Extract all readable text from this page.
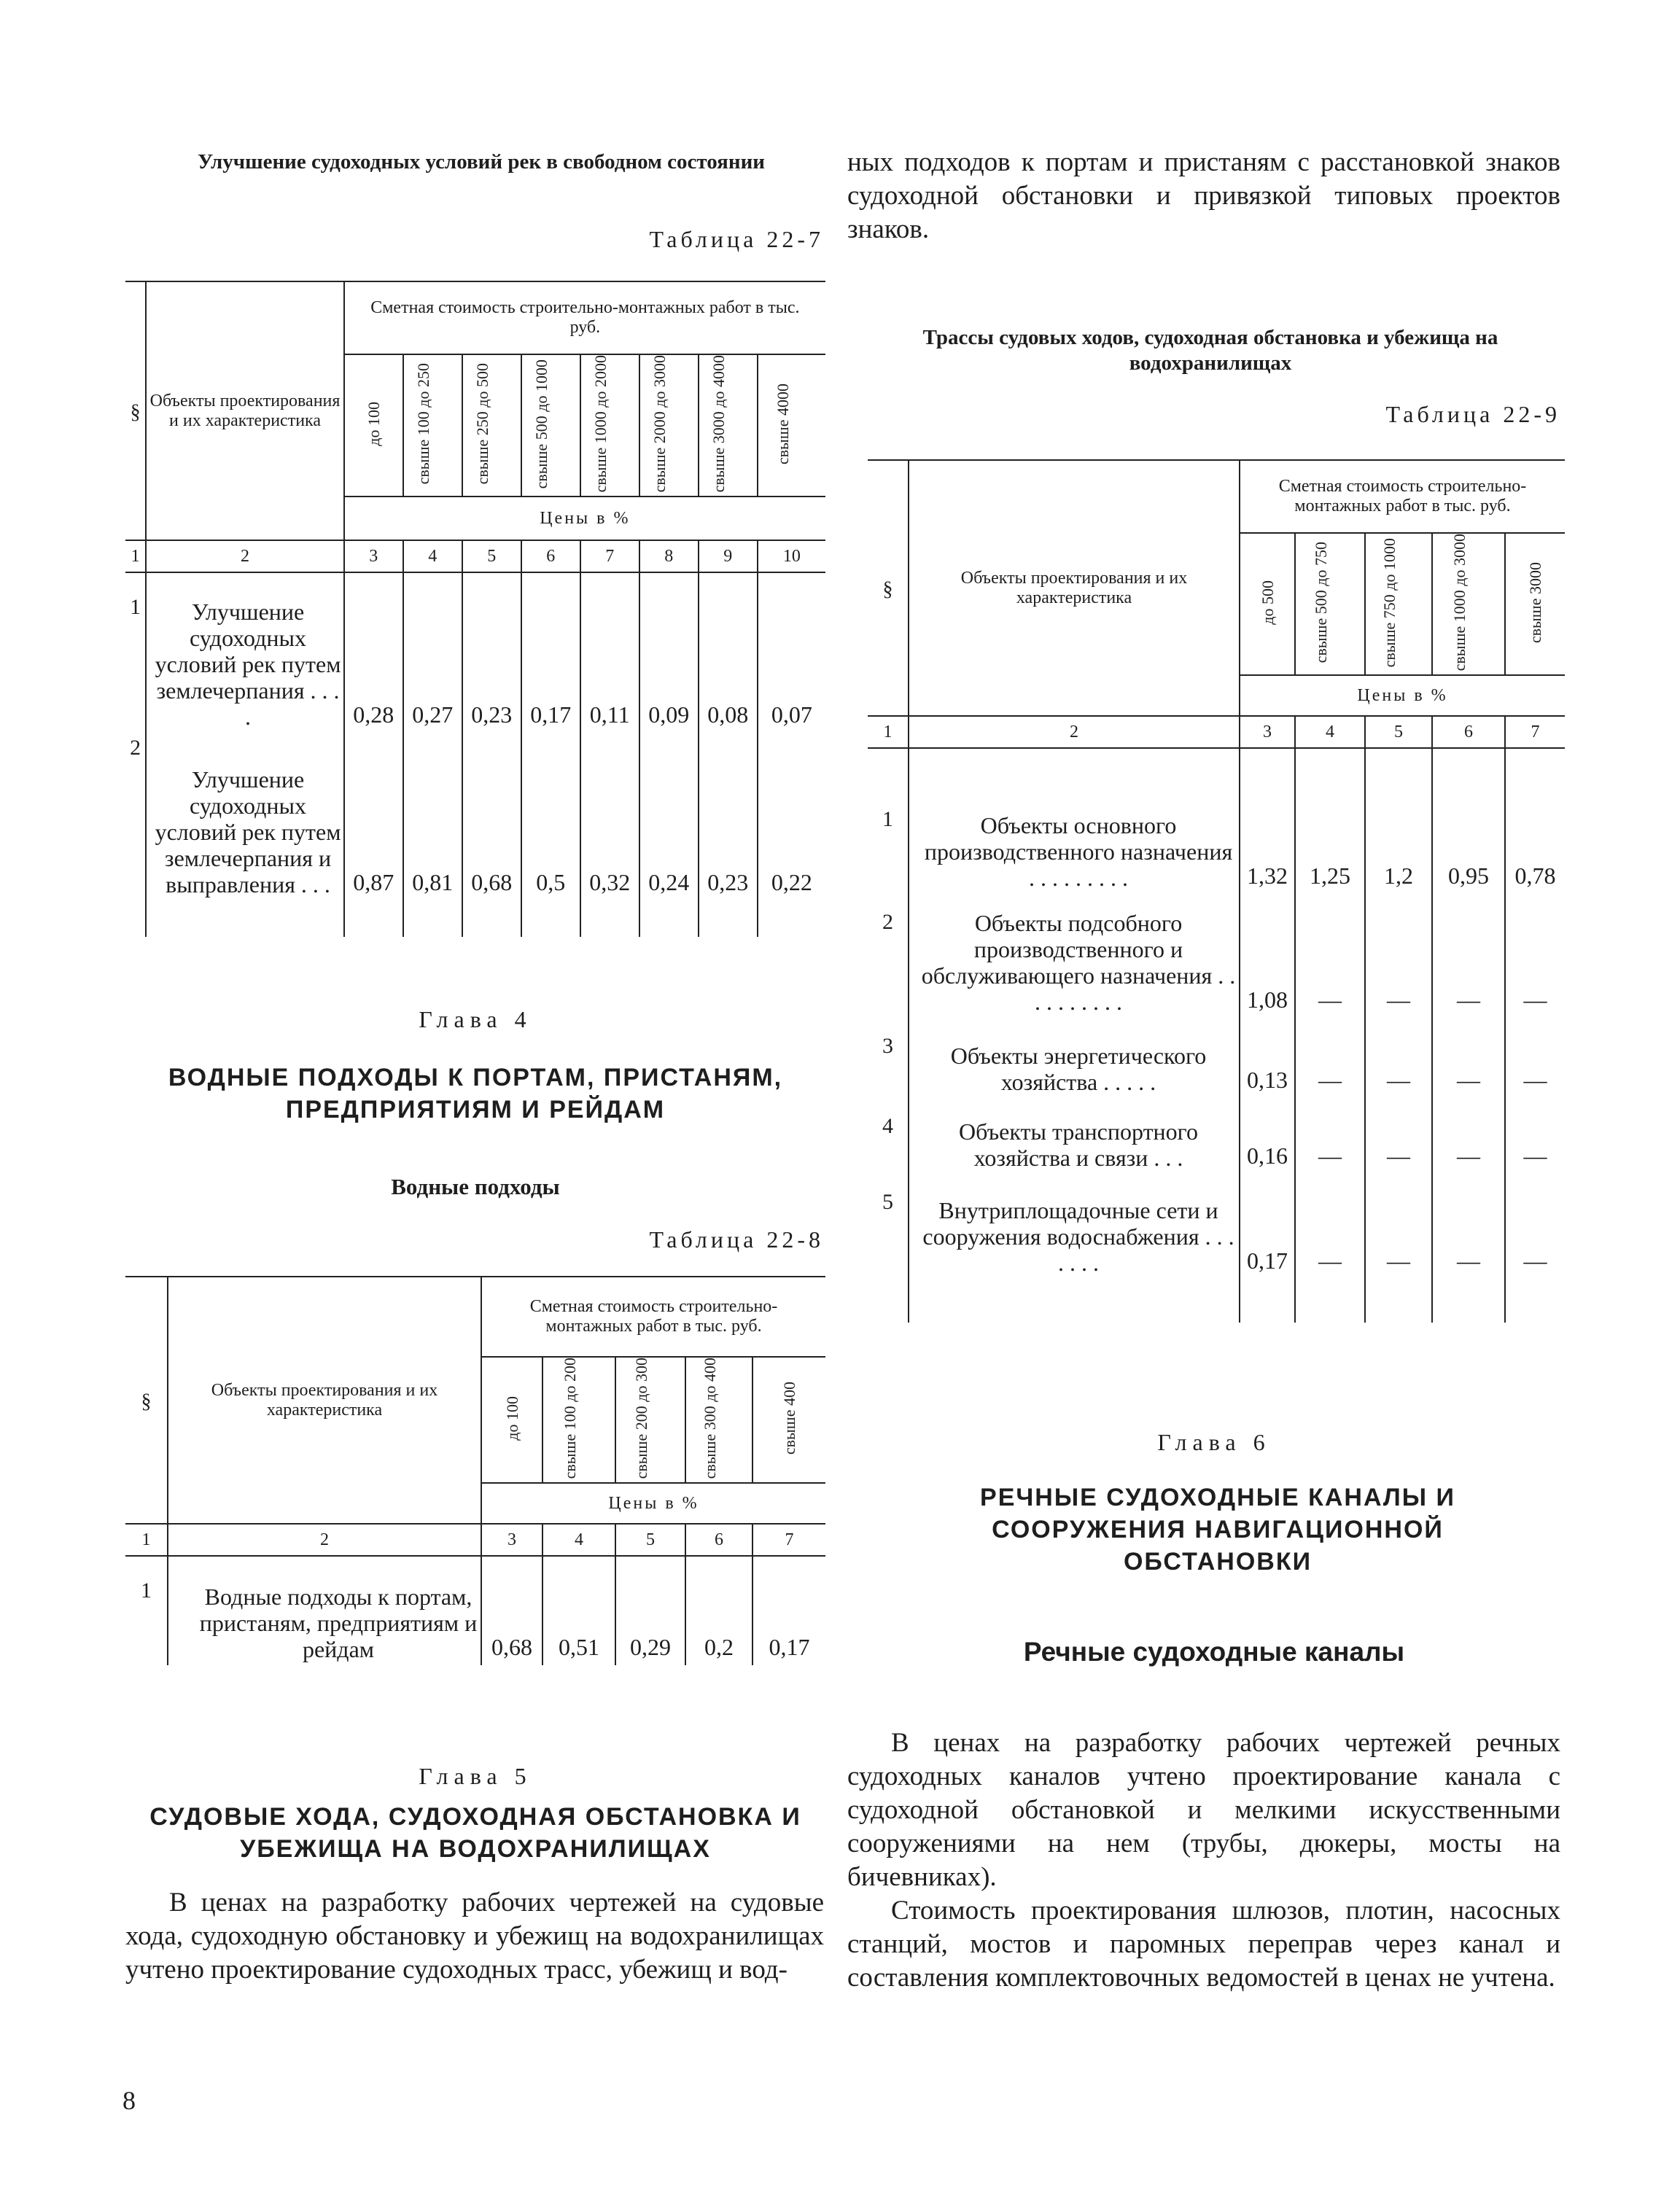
Улучшение судоходных условий рек в свободном состоянии
Таблица 22-7
§	Объекты проектирования и их характеристика	Сметная стоимость строительно-монтажных работ в тыс. руб.							
		до 100	свыше 100 до 250	свыше 250 до 500	свыше 500 до 1000	свыше 1000 до 2000	свыше 2000 до 3000	свыше 3000 до 4000	свыше 4000
		Цены в %							
1	2	3	4	5	6	7	8	9	10
1	Улучшение судоходных условий рек путем землечерпания . . . .	0,28	0,27	0,23	0,17	0,11	0,09	0,08	0,07
2	Улучшение судоходных условий рек путем землечерпания и выправления . . .	0,87	0,81	0,68	0,5	0,32	0,24	0,23	0,22

Глава 4
ВОДНЫЕ ПОДХОДЫ К ПОРТАМ, ПРИСТАНЯМ, ПРЕДПРИЯТИЯМ И РЕЙДАМ
Водные подходы
Таблица 22-8
§	Объекты проектирования и их характеристика	Сметная стоимость строительно-монтажных работ в тыс. руб.				
		до 100	свыше 100 до 200	свыше 200 до 300	свыше 300 до 400	свыше 400
		Цены в %				
1	2	3	4	5	6	7
1	Водные подходы к портам, пристаням, предприятиям и рейдам	0,68	0,51	0,29	0,2	0,17
Глава 5
СУДОВЫЕ ХОДА, СУДОХОДНАЯ ОБСТАНОВКА И УБЕЖИЩА НА ВОДОХРАНИЛИЩАХ

В ценах на разработку рабочих чертежей на судовые хода, судоходную обстановку и убежищ на водохранилищах учтено проектирование судоходных трасс, убежищ и вод-

8

ных подходов к портам и пристаням с расстановкой знаков судоходной обстановки и привязкой типовых проектов знаков.

Трассы судовых ходов, судоходная обстановка и убежища на водохранилищах
Таблица 22-9
§	Объекты проектирования и их характеристика	Сметная стоимость строительно-монтажных работ в тыс. руб.				
		до 500	свыше 500 до 750	свыше 750 до 1000	свыше 1000 до 3000	свыше 3000
		Цены в %				
1	2	3	4	5	6	7
1	Объекты основного производственного назначения . . . . . . . . .	1,32	1,25	1,2	0,95	0,78
2	Объекты подсобного производственного и обслуживающего назначения . . . . . . . . . .	1,08	—	—	—	—
3	Объекты энергетического хозяйства . . . . .	0,13	—	—	—	—
4	Объекты транспортного хозяйства и связи . . .	0,16	—	—	—	—
5	Внутриплощадочные сети и сооружения водоснабжения . . . . . . .	0,17	—	—	—	—

Глава 6
РЕЧНЫЕ СУДОХОДНЫЕ КАНАЛЫ И СООРУЖЕНИЯ НАВИГАЦИОННОЙ ОБСТАНОВКИ
Речные судоходные каналы

В ценах на разработку рабочих чертежей речных судоходных каналов учтено проектирование канала с судоходной обстановкой и мелкими искусственными сооружениями на нем (трубы, дюкеры, мосты на бичевниках).

Стоимость проектирования шлюзов, плотин, насосных станций, мостов и паромных переправ через канал и составления комплектовочных ведомостей в ценах не учтена.
